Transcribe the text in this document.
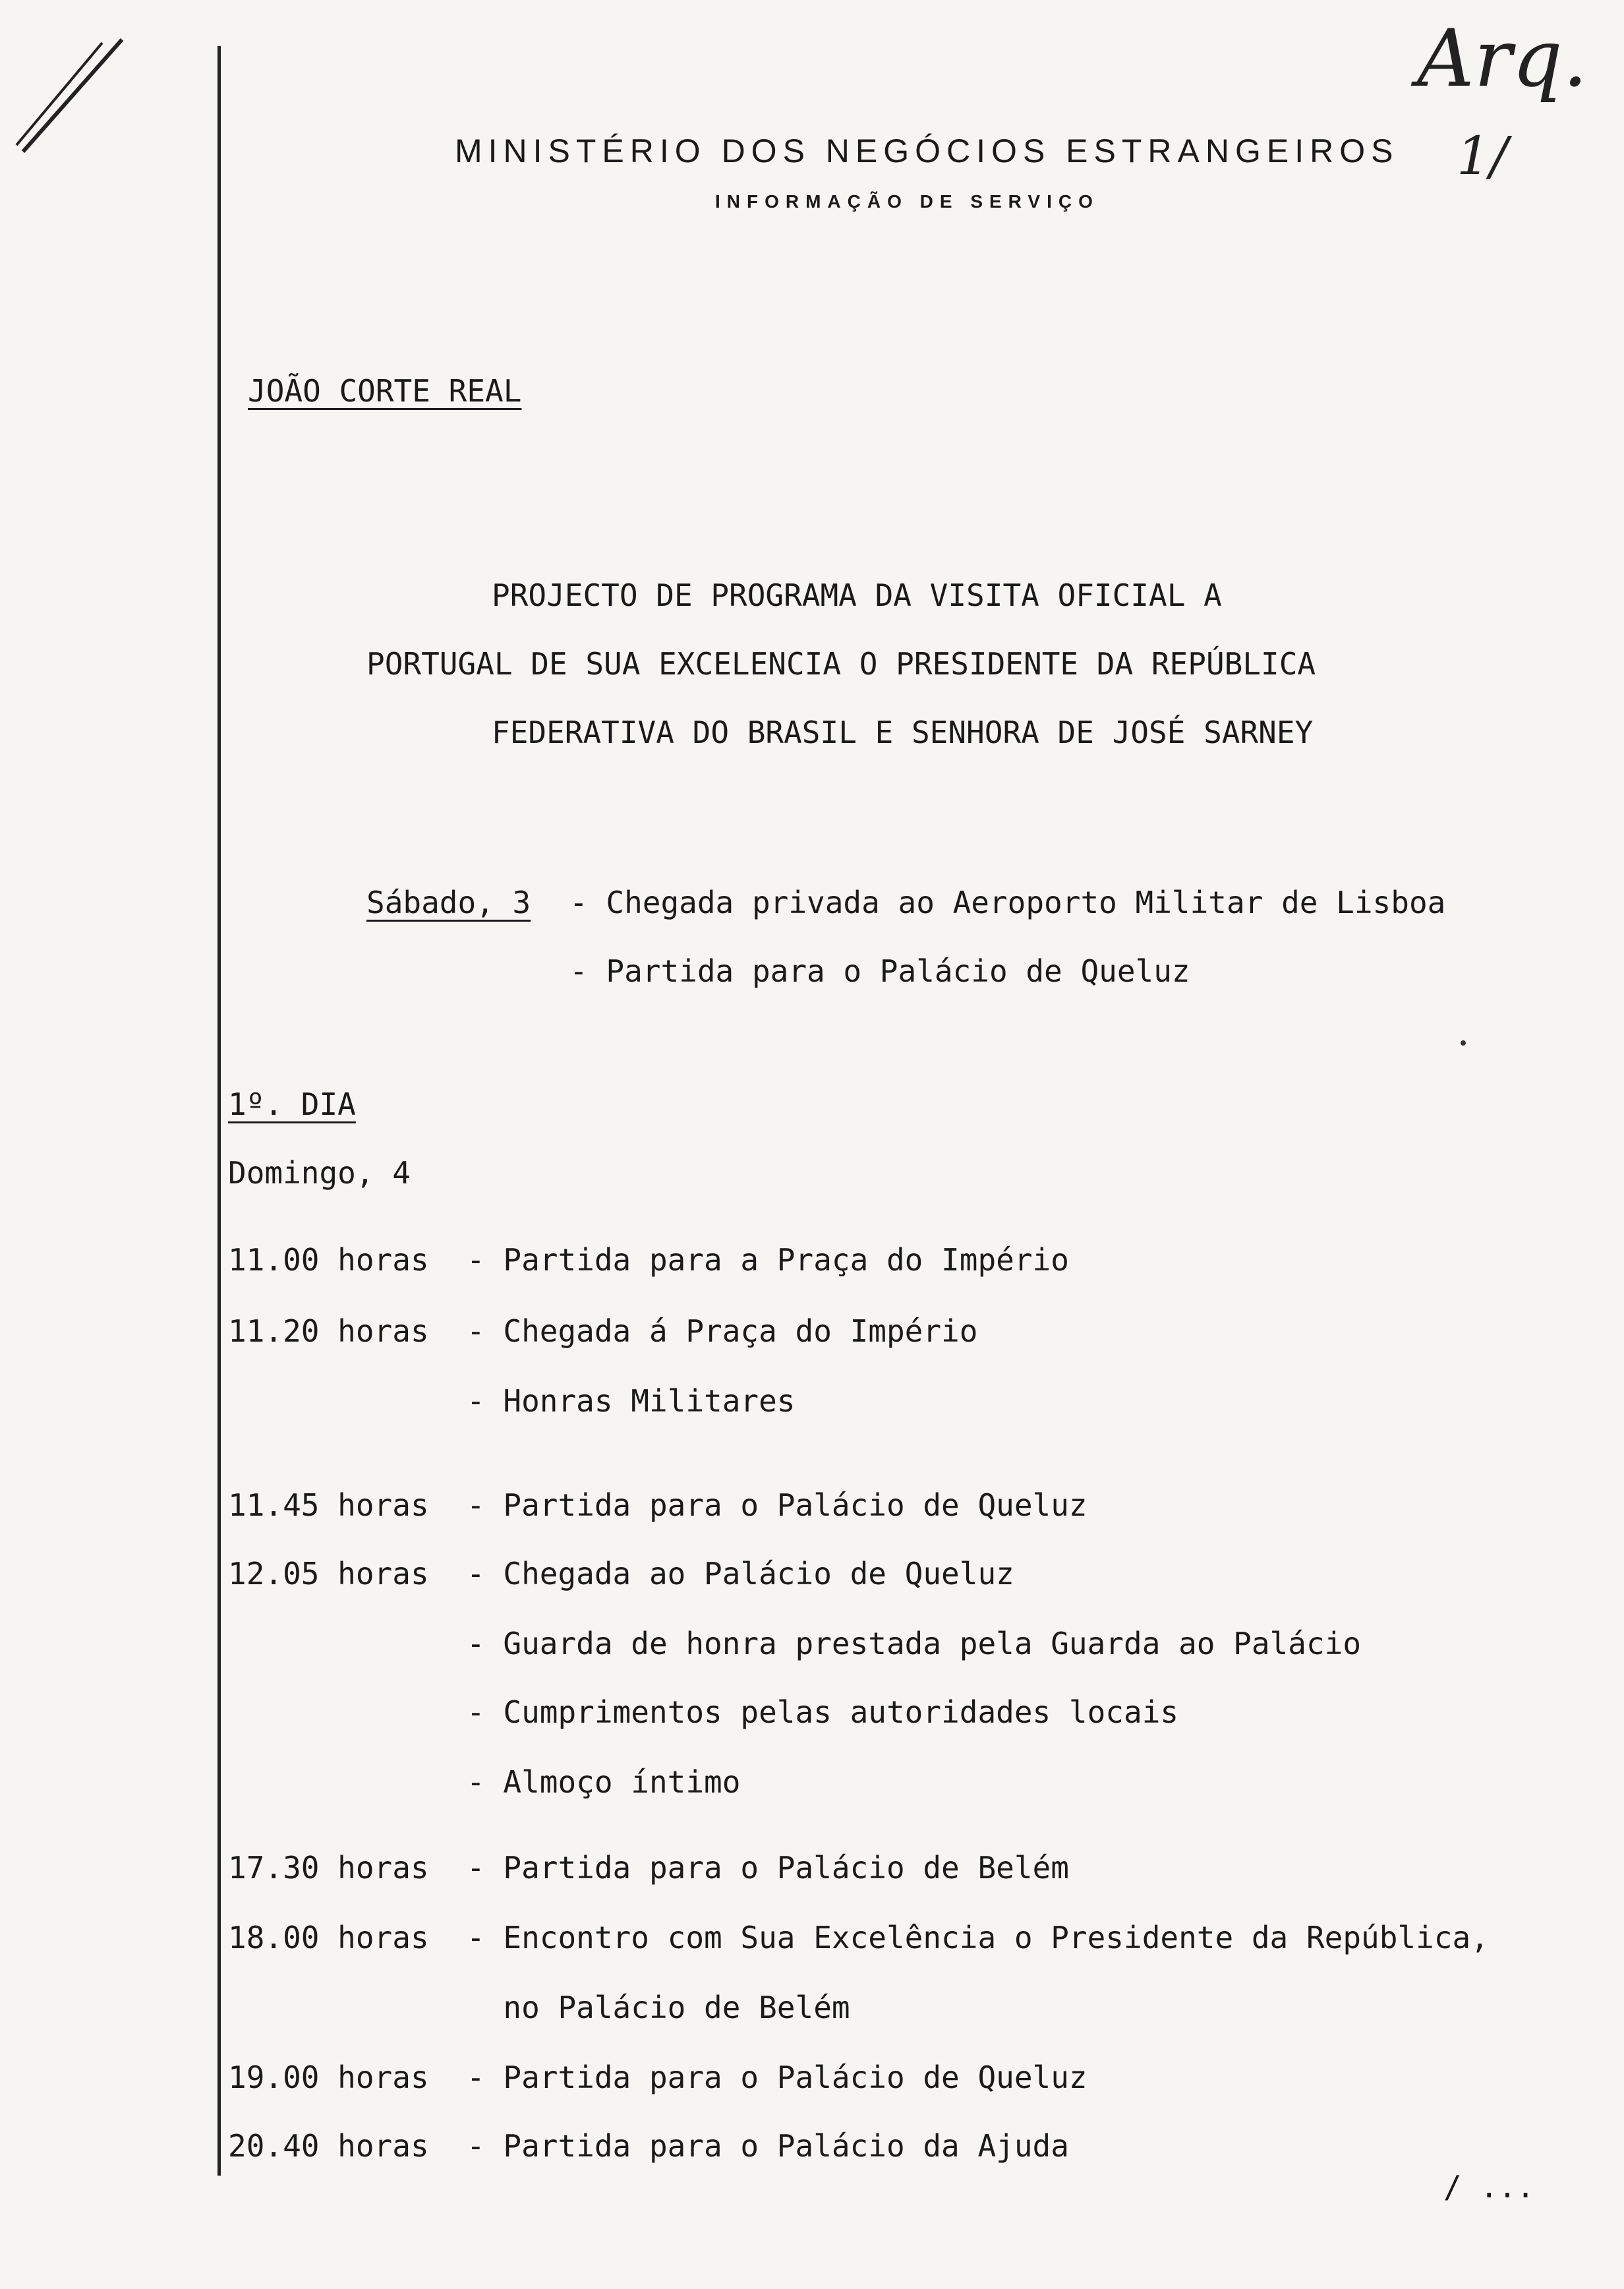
Arq.
1/
MINISTÉRIO DOS NEGÓCIOS ESTRANGEIROS
INFORMAÇÃO DE SERVIÇO
JOÃO CORTE REAL
PROJECTO DE PROGRAMA DA VISITA OFICIAL A
PORTUGAL DE SUA EXCELENCIA O PRESIDENTE DA REPÚBLICA
FEDERATIVA DO BRASIL E SENHORA DE JOSÉ SARNEY
Sábado, 3 - Chegada privada ao Aeroporto Militar de Lisboa
- Partida para o Palácio de Queluz
1º. DIA
Domingo, 4
11.00 horas - Partida para a Praça do Império
11.20 horas - Chegada á Praça do Império
- Honras Militares
11.45 horas - Partida para o Palácio de Queluz
12.05 horas - Chegada ao Palácio de Queluz
- Guarda de honra prestada pela Guarda ao Palácio
- Cumprimentos pelas autoridades locais
- Almoço íntimo
17.30 horas - Partida para o Palácio de Belém
18.00 horas - Encontro com Sua Excelência o Presidente da República,
no Palácio de Belém
19.00 horas - Partida para o Palácio de Queluz
20.40 horas - Partida para o Palácio da Ajuda
/ ...
